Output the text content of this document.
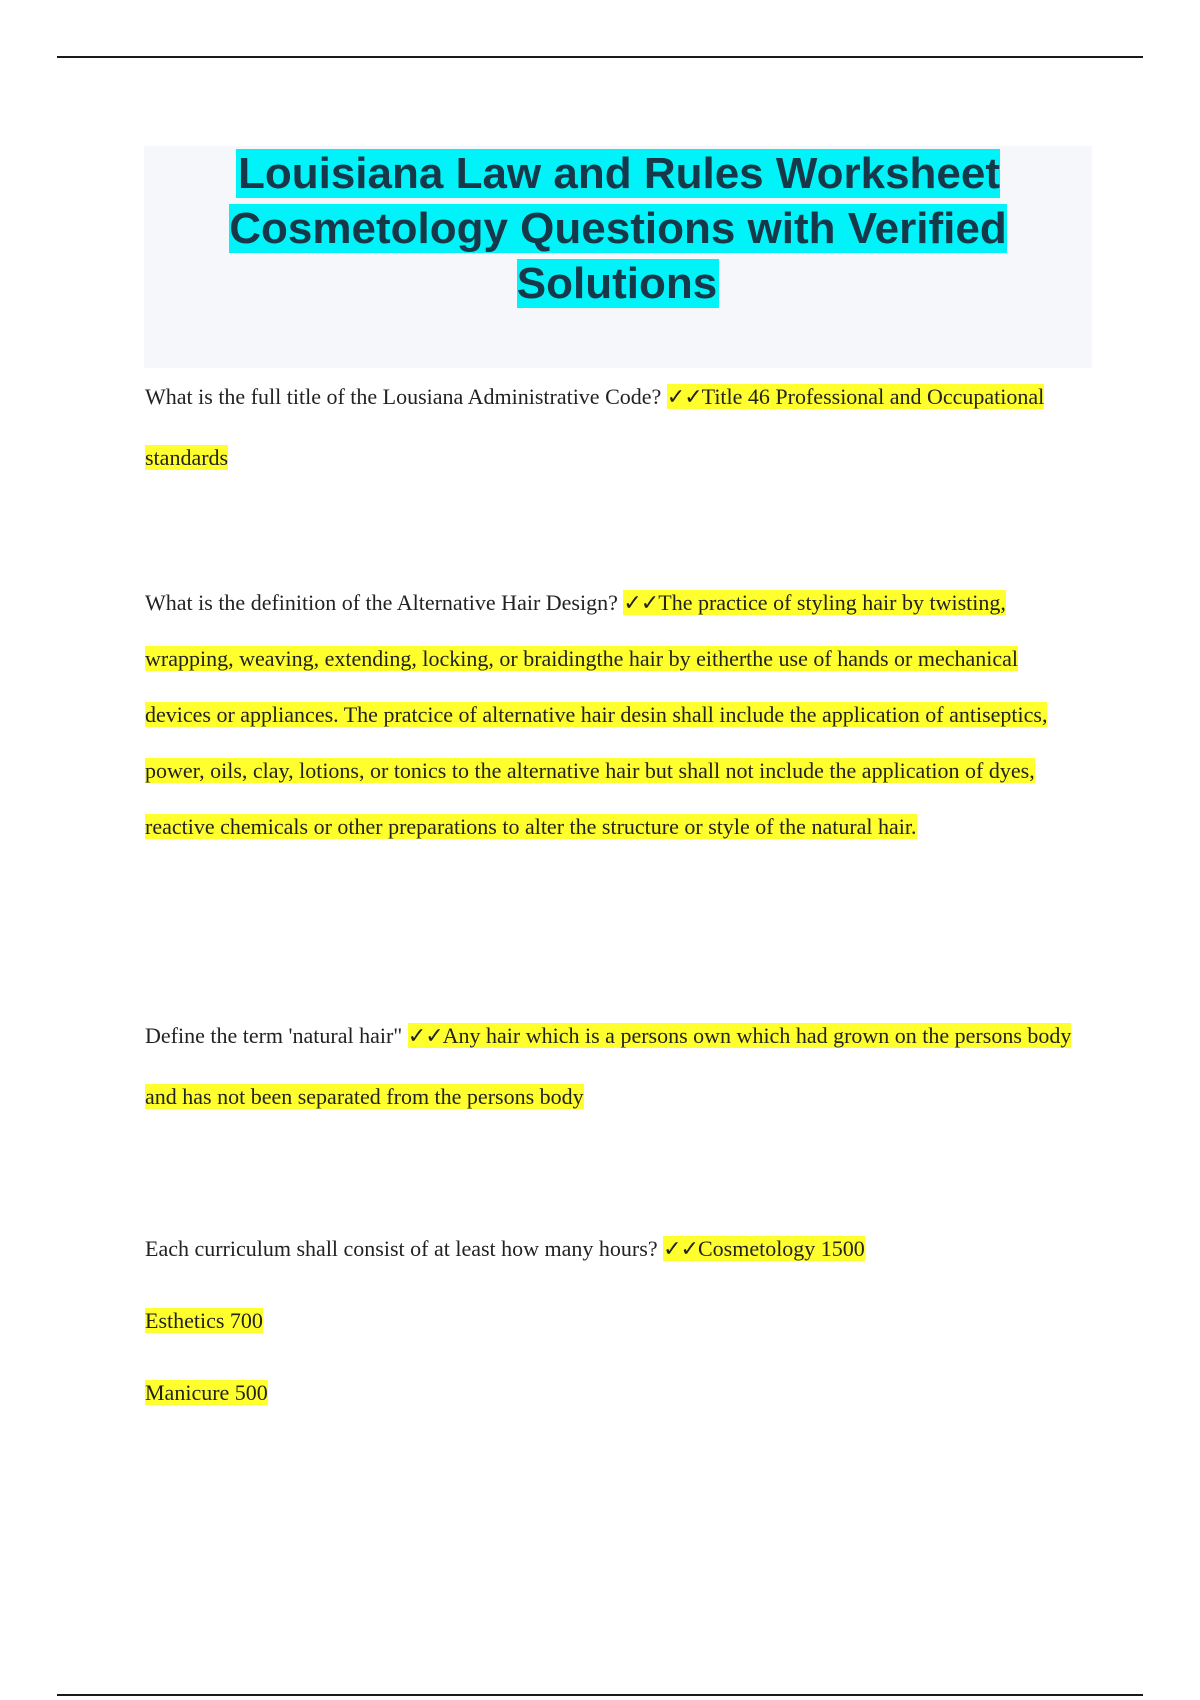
Louisiana Law and Rules Worksheet Cosmetology Questions with Verified Solutions

What is the full title of the Lousiana Administrative Code? ✓✓Title 46 Professional and Occupational standards

What is the definition of the Alternative Hair Design? ✓✓The practice of styling hair by twisting, wrapping, weaving, extending, locking, or braidingthe hair by eitherthe use of hands or mechanical devices or appliances. The pratcice of alternative hair desin shall include the application of antiseptics, power, oils, clay, lotions, or tonics to the alternative hair but shall not include the application of dyes, reactive chemicals or other preparations to alter the structure or style of the natural hair.

Define the term 'natural hair" ✓✓Any hair which is a persons own which had grown on the persons body and has not been separated from the persons body

Each curriculum shall consist of at least how many hours? ✓✓Cosmetology 1500
Esthetics 700
Manicure 500
